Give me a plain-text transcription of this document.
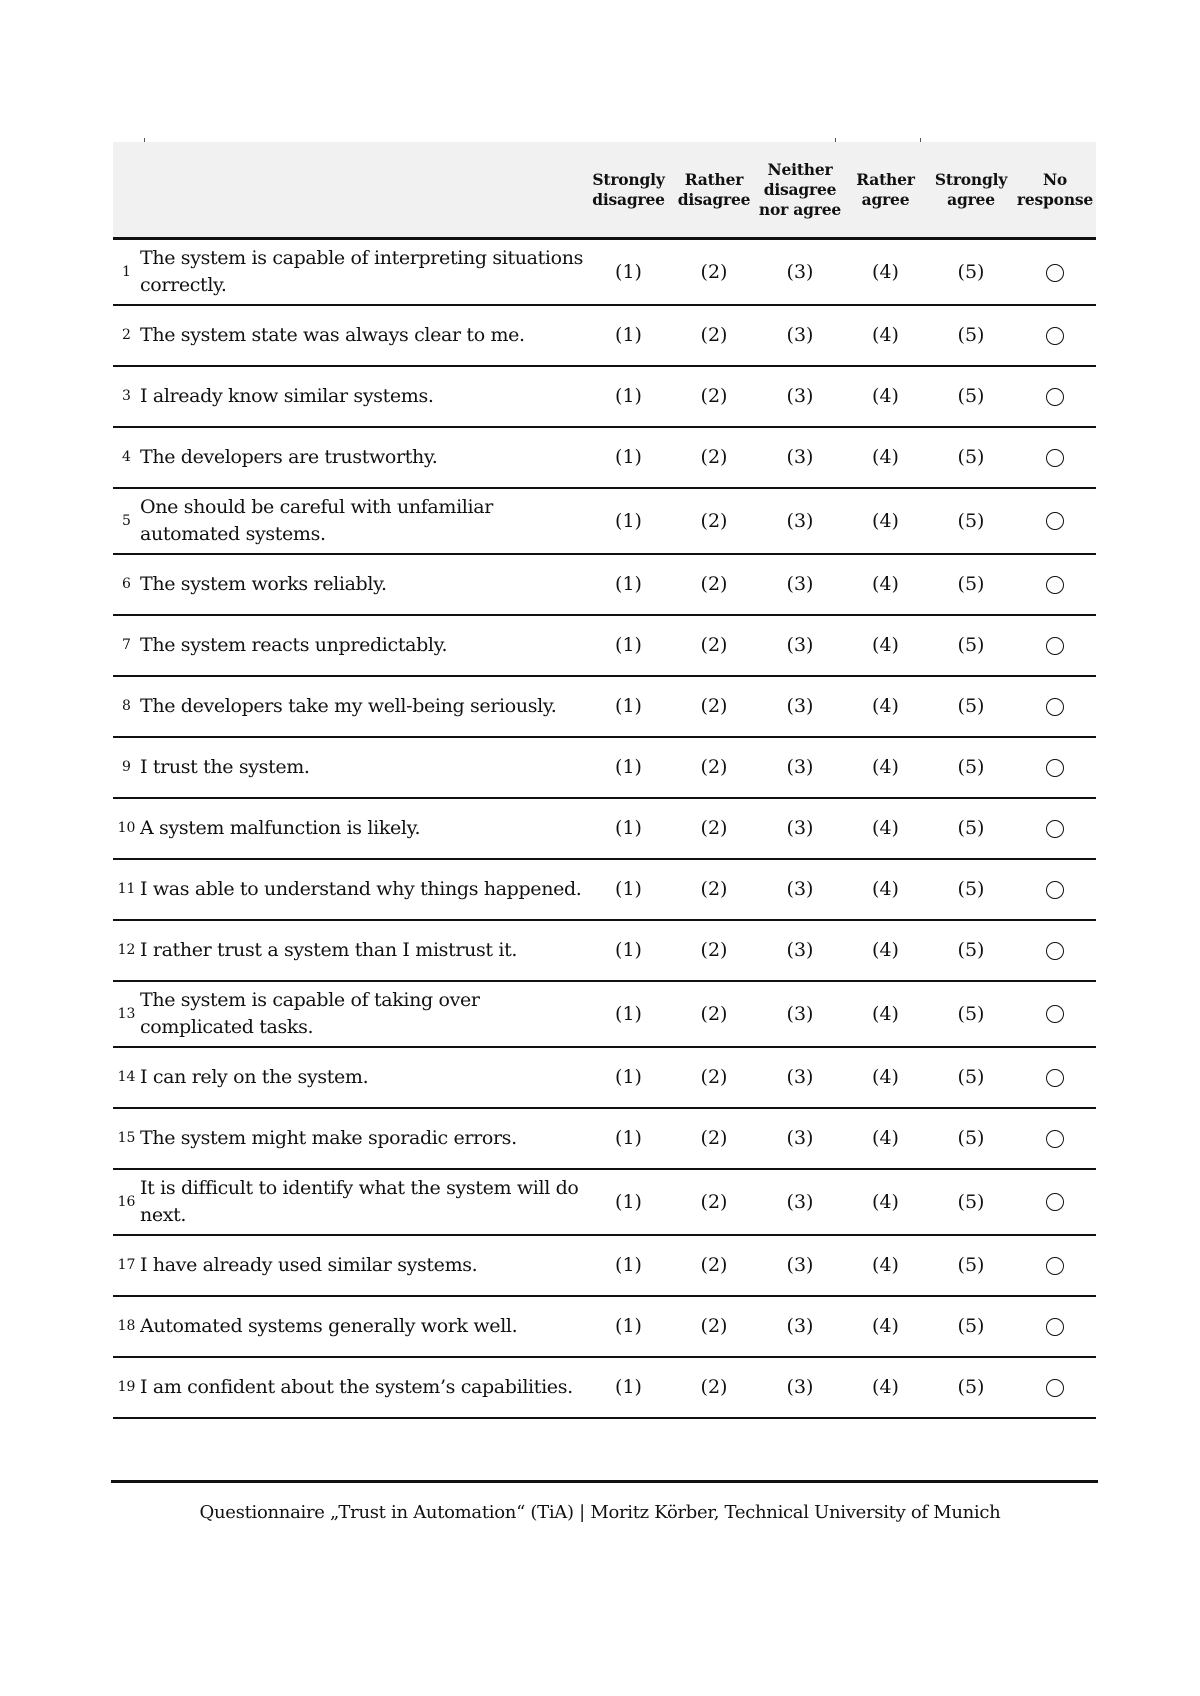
		Strongly disagree	Rather disagree	Neither disagree nor agree	Rather agree	Strongly agree	No response
1	The system is capable of interpreting situations correctly.	(1)	(2)	(3)	(4)	(5)	
2	The system state was always clear to me.	(1)	(2)	(3)	(4)	(5)	
3	I already know similar systems.	(1)	(2)	(3)	(4)	(5)	
4	The developers are trustworthy.	(1)	(2)	(3)	(4)	(5)	
5	One should be careful with unfamiliar automated systems.	(1)	(2)	(3)	(4)	(5)	
6	The system works reliably.	(1)	(2)	(3)	(4)	(5)	
7	The system reacts unpredictably.	(1)	(2)	(3)	(4)	(5)	
8	The developers take my well-being seriously.	(1)	(2)	(3)	(4)	(5)	
9	I trust the system.	(1)	(2)	(3)	(4)	(5)	
10	A system malfunction is likely.	(1)	(2)	(3)	(4)	(5)	
11	I was able to understand why things happened.	(1)	(2)	(3)	(4)	(5)	
12	I rather trust a system than I mistrust it.	(1)	(2)	(3)	(4)	(5)	
13	The system is capable of taking over complicated tasks.	(1)	(2)	(3)	(4)	(5)	
14	I can rely on the system.	(1)	(2)	(3)	(4)	(5)	
15	The system might make sporadic errors.	(1)	(2)	(3)	(4)	(5)	
16	It is difficult to identify what the system will do next.	(1)	(2)	(3)	(4)	(5)	
17	I have already used similar systems.	(1)	(2)	(3)	(4)	(5)	
18	Automated systems generally work well.	(1)	(2)	(3)	(4)	(5)	
19	I am confident about the system’s capabilities.	(1)	(2)	(3)	(4)	(5)	
Questionnaire „Trust in Automation“ (TiA) | Moritz Körber, Technical University of Munich
